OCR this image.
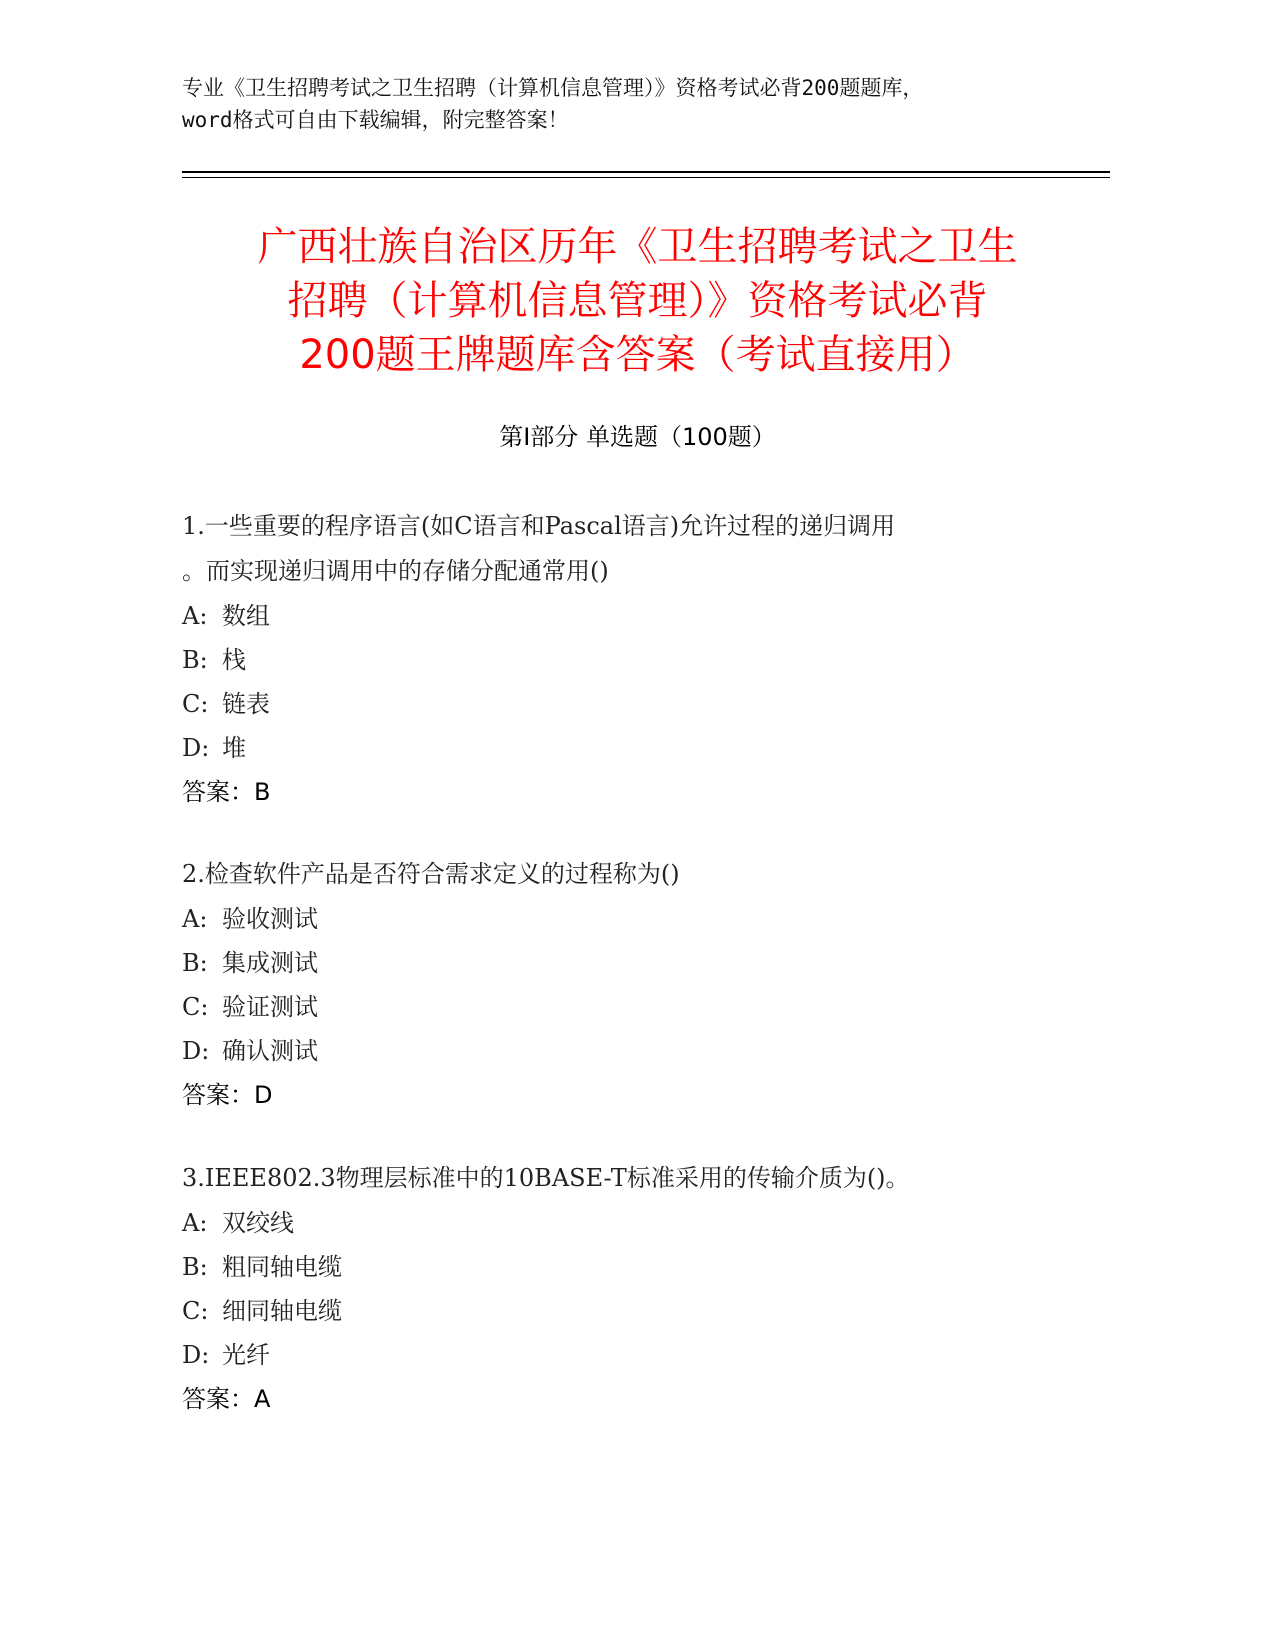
专业《卫生招聘考试之卫生招聘（计算机信息管理）》资格考试必背200题题库，
word格式可自由下载编辑，附完整答案！
广西壮族自治区历年《卫生招聘考试之卫生
招聘（计算机信息管理）》资格考试必背
200题王牌题库含答案（考试直接用）
第Ⅰ部分 单选题（100题）
1.一些重要的程序语言(如C语言和Pascal语言)允许过程的递归调用
。而实现递归调用中的存储分配通常用()
A: 数组
B: 栈
C: 链表
D: 堆
答案：B
2.检查软件产品是否符合需求定义的过程称为()
A: 验收测试
B: 集成测试
C: 验证测试
D: 确认测试
答案：D
3.IEEE802.3物理层标准中的10BASE-T标准采用的传输介质为()。
A: 双绞线
B: 粗同轴电缆
C: 细同轴电缆
D: 光纤
答案：A
